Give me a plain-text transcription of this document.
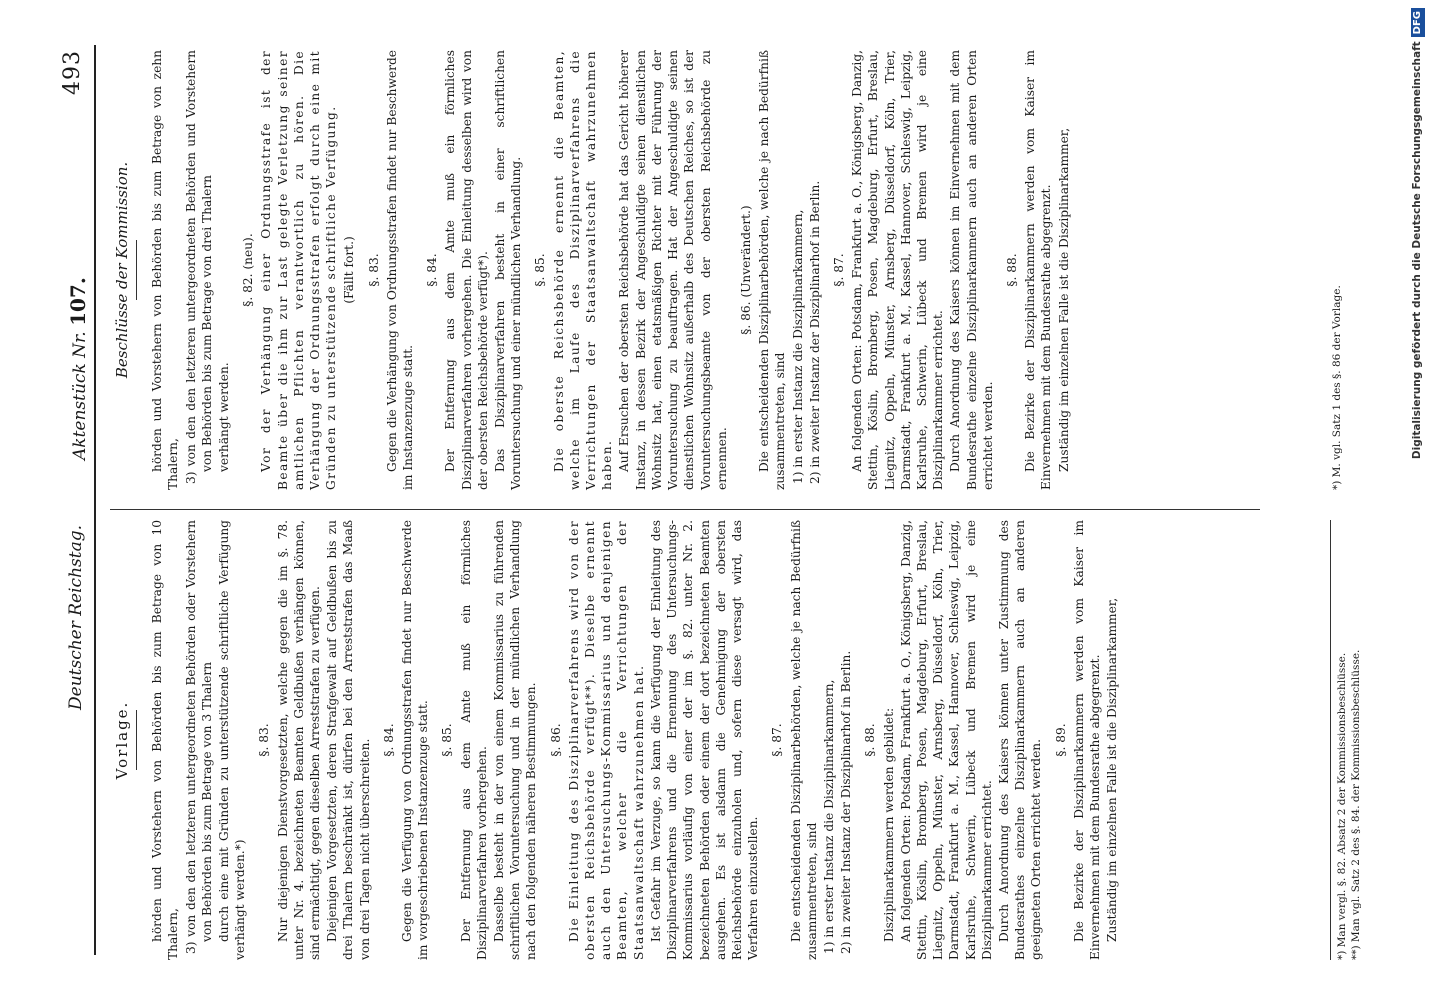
Deutscher Reichstag.
Aktenstück Nr. 107.
493
Vorlage. hörden und Vorstehern von Behörden bis zum Betrage von 10 Thalern, 3) von den den letzteren untergeordneten Behörden oder Vorstehern von Behörden bis zum Betrage von 3 Thalern durch eine mit Gründen zu unterstützende schriftliche Verfügung verhängt werden.*)
§. 83. Nur diejenigen Dienstvorgesetzten, welche gegen die im §. 78. unter Nr. 4. bezeichneten Beamten Geldbußen verhängen können, sind ermächtigt, gegen dieselben Arreststrafen zu verfügen. Diejenigen Vorgesetzten, deren Strafgewalt auf Geldbußen bis zu drei Thalern beschränkt ist, dürfen bei den Arreststrafen das Maaß von drei Tagen nicht überschreiten. §. 84. Gegen die Verfügung von Ordnungsstrafen findet nur Beschwerde im vorgeschriebenen Instanzenzuge statt. §. 85. Der Entfernung aus dem Amte muß ein förmliches Disziplinarverfahren vorhergehen. Dasselbe besteht in der von einem Kommissarius zu führenden schriftlichen Voruntersuchung und in der mündlichen Verhandlung nach den folgenden näheren Bestimmungen. §. 86. Die Einleitung des Disziplinarverfahrens wird von der obersten Reichsbehörde verfügt**). Dieselbe ernennt auch den Untersuchungs-Kommissarius und denjenigen Beamten, welcher die Verrichtungen der Staatsanwaltschaft wahrzunehmen hat. Ist Gefahr im Verzuge, so kann die Verfügung der Einleitung des Disziplinarverfahrens und die Ernennung des Untersuchungs-Kommissarius vorläufig von einer der im §. 82. unter Nr. 2. bezeichneten Behörden oder einem der dort bezeichneten Beamten ausgehen. Es ist alsdann die Genehmigung der obersten Reichsbehörde einzuholen und, sofern diese versagt wird, das Verfahren einzustellen.
§. 87. Die entscheidenden Disziplinarbehörden, welche je nach Bedürfniß zusammentreten, sind 1) in erster Instanz die Disziplinarkammern, 2) in zweiter Instanz der Disziplinarhof in Berlin. §. 88. Disziplinarkammern werden gebildet: An folgenden Orten: Potsdam, Frankfurt a. O., Königsberg, Danzig, Stettin, Köslin, Bromberg, Posen, Magdeburg, Erfurt, Breslau, Liegnitz, Oppeln, Münster, Arnsberg, Düsseldorf, Köln, Trier, Darmstadt, Frankfurt a. M., Kassel, Hannover, Schleswig, Leipzig, Karlsruhe, Schwerin, Lübeck und Bremen wird je eine Disziplinarkammer errichtet. Durch Anordnung des Kaisers können unter Zustimmung des Bundesrathes einzelne Disziplinarkammern auch an anderen geeigneten Orten errichtet werden. §. 89. Die Bezirke der Disziplinarkammern werden vom Kaiser im Einvernehmen mit dem Bundesrathe abgegrenzt. Zuständig im einzelnen Falle ist die Disziplinarkammer,
Beschlüsse der Kommission. hörden und Vorstehern von Behörden bis zum Betrage von zehn Thalern, 3) von den den letzteren untergeordneten Behörden und Vorstehern von Behörden bis zum Betrage von drei Thalern verhängt werden.
§. 82. (neu). Vor der Verhängung einer Ordnungsstrafe ist der Beamte über die ihm zur Last gelegte Verletzung seiner amtlichen Pflichten verantwortlich zu hören. Die Verhängung der Ordnungsstrafen erfolgt durch eine mit Gründen zu unterstützende schriftliche Verfügung. (Fällt fort.) §. 83. Gegen die Verhängung von Ordnungsstrafen findet nur Beschwerde im Instanzenzuge statt.
§. 84. Der Entfernung aus dem Amte muß ein förmliches Disziplinarverfahren vorhergehen. Die Einleitung desselben wird von der obersten Reichsbehörde verfügt*). Das Disziplinarverfahren besteht in einer schriftlichen Voruntersuchung und einer mündlichen Verhandlung. §. 85. Die oberste Reichsbehörde ernennt die Beamten, welche im Laufe des Disziplinarverfahrens die Verrichtungen der Staatsanwaltschaft wahrzunehmen haben. Auf Ersuchen der obersten Reichsbehörde hat das Gericht höherer Instanz, in dessen Bezirk der Angeschuldigte seinen dienstlichen Wohnsitz hat, einen etatsmäßigen Richter mit der Führung der Voruntersuchung zu beauftragen. Hat der Angeschuldigte seinen dienstlichen Wohnsitz außerhalb des Deutschen Reiches, so ist der Voruntersuchungsbeamte von der obersten Reichsbehörde zu ernennen.
§. 86. (Unverändert.) Die entscheidenden Disziplinarbehörden, welche je nach Bedürfniß zusammentreten, sind 1) in erster Instanz die Disziplinarkammern, 2) in zweiter Instanz der Disziplinarhof in Berlin. §. 87. An folgenden Orten: Potsdam, Frankfurt a. O., Königsberg, Danzig, Stettin, Köslin, Bromberg, Posen, Magdeburg, Erfurt, Breslau, Liegnitz, Oppeln, Münster, Arnsberg, Düsseldorf, Köln, Trier, Darmstadt, Frankfurt a. M., Kassel, Hannover, Schleswig, Leipzig, Karlsruhe, Schwerin, Lübeck und Bremen wird je eine Disziplinarkammer errichtet. Durch Anordnung des Kaisers können im Einvernehmen mit dem Bundesrathe einzelne Disziplinarkammern auch an anderen Orten errichtet werden.
§. 88. Die Bezirke der Disziplinarkammern werden vom Kaiser im Einvernehmen mit dem Bundesrathe abgegrenzt. Zuständig im einzelnen Falle ist die Disziplinarkammer,
*) Man vergl. §. 82. Absatz 2 der Kommissionsbeschlüsse. **) Man vgl. Satz 2 des §. 84. der Kommissionsbeschlüsse.
*) M. vgl. Satz 1 des §. 86 der Vorlage.	Digitalisierung gefördert durch die Deutsche ForschungsgemeinschaftDFG
